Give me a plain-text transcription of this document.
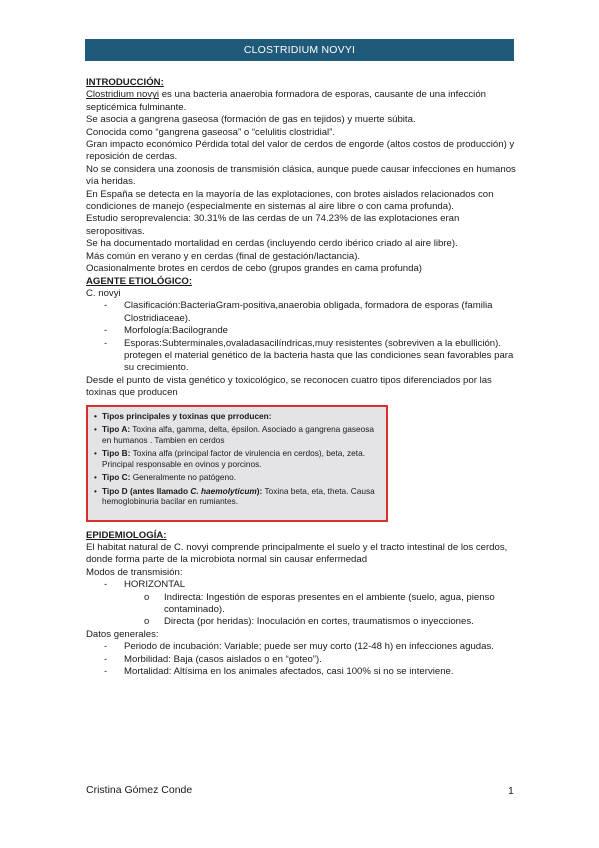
CLOSTRIDIUM NOVYI

INTRODUCCIÓN:

Clostridium novyi es una bacteria anaerobia formadora de esporas, causante de una infección septicémica fulminante.

Se asocia a gangrena gaseosa (formación de gas en tejidos) y muerte súbita.

Conocida como “gangrena gaseosa” o “celulitis clostridial”.

Gran impacto económico Pérdida total del valor de cerdos de engorde (altos costos de producción) y reposición de cerdas.

No se considera una zoonosis de transmisión clásica, aunque puede causar infecciones en humanos vía heridas.

En España se detecta en la mayoría de las explotaciones, con brotes aislados relacionados con condiciones de manejo (especialmente en sistemas al aire libre o con cama profunda).

Estudio seroprevalencia: 30.31% de las cerdas de un 74.23% de las explotaciones eran seropositivas.

Se ha documentado mortalidad en cerdas (incluyendo cerdo ibérico criado al aire libre).

Más común en verano y en cerdas (final de gestación/lactancia).

Ocasionalmente brotes en cerdos de cebo (grupos grandes en cama profunda)

AGENTE ETIOLÓGICO:

C. novyi

- Clasificación:BacteriaGram-positiva,anaerobia obligada, formadora de esporas (familia Clostridiaceae).

- Morfología:Bacilogrande

- Esporas:Subterminales,ovaladasacilíndricas,muy resistentes (sobreviven a la ebullición). protegen el material genético de la bacteria hasta que las condiciones sean favorables para su crecimiento.

Desde el punto de vista genético y toxicológico, se reconocen cuatro tipos diferenciados por las toxinas que producen

• Tipos principales y toxinas que prroducen:
• Tipo A: Toxina alfa, gamma, delta, épsilon. Asociado a gangrena gaseosa en humanos . Tambien en cerdos
• Tipo B: Toxina alfa (principal factor de virulencia en cerdos), beta, zeta. Principal responsable en ovinos y porcinos.
• Tipo C: Generalmente no patógeno.
• Tipo D (antes llamado C. haemolyticum): Toxina beta, eta, theta. Causa hemoglobinuria bacilar en rumiantes.

EPIDEMIOLOGÍA:

El habitat natural de C. novyi comprende principalmente el suelo y el tracto intestinal de los cerdos, donde forma parte de la microbiota normal sin causar enfermedad

Modos de transmisión:

- HORIZONTAL

o Indirecta: Ingestión de esporas presentes en el ambiente (suelo, agua, pienso contaminado).

o Directa (por heridas): Inoculación en cortes, traumatismos o inyecciones.

Datos generales:

- Periodo de incubación: Variable; puede ser muy corto (12-48 h) en infecciones agudas.

- Morbilidad: Baja (casos aislados o en “goteo”).

- Mortalidad: Altísima en los animales afectados, casi 100% si no se interviene.

Cristina Gómez Conde	1
